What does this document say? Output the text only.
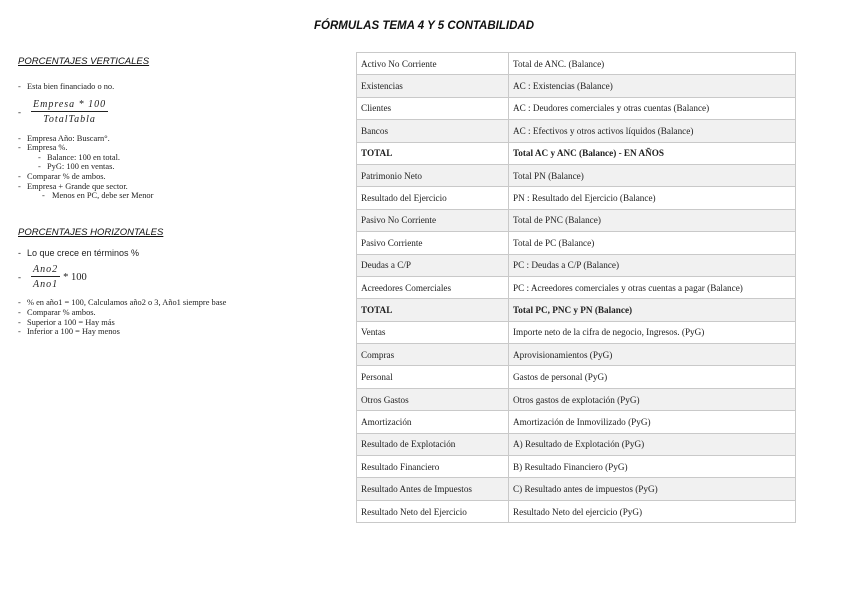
FÓRMULAS TEMA 4 Y 5 CONTABILIDAD
PORCENTAJES VERTICALES
- Esta bien financiado o no.
-	$\frac{\text{Empresa * 100}}{\text{TotalTabla}}$
- Empresa Año: Buscarn°.
- Empresa %.
- Balance: 100 en total.
- PyG: 100 en ventas.
- Comparar % de ambos.
- Empresa + Grande que sector.
- Menos en PC, debe ser Menor
PORCENTAJES HORIZONTALES
- Lo que crece en términos %
-	$\frac{\text{Ano2}}{\text{Ano1}} * 100$
- % en año1 = 100, Calculamos año2 o 3, Año1 siempre base
- Comparar % ambos.
- Superior a 100 = Hay más
- Inferior a 100 = Hay menos
Activo No Corriente	Total de ANC. (Balance)
Existencias	AC : Existencias (Balance)
Clientes	AC : Deudores comerciales y otras cuentas (Balance)
Bancos	AC : Efectivos y otros activos líquidos (Balance)
TOTAL	Total AC y ANC (Balance) - EN AÑOS
Patrimonio Neto	Total PN (Balance)
Resultado del Ejercicio	PN : Resultado del Ejercicio (Balance)
Pasivo No Corriente	Total de PNC (Balance)
Pasivo Corriente	Total de PC (Balance)
Deudas a C/P	PC : Deudas a C/P (Balance)
Acreedores Comerciales	PC : Acreedores comerciales y otras cuentas a pagar (Balance)
TOTAL	Total PC, PNC y PN (Balance)
Ventas	Importe neto de la cifra de negocio, Ingresos. (PyG)
Compras	Aprovisionamientos (PyG)
Personal	Gastos de personal (PyG)
Otros Gastos	Otros gastos de explotación (PyG)
Amortización	Amortización de Inmovilizado (PyG)
Resultado de Explotación	A) Resultado de Explotación (PyG)
Resultado Financiero	B) Resultado Financiero (PyG)
Resultado Antes de Impuestos	C) Resultado antes de impuestos (PyG)
Resultado Neto del Ejercicio	Resultado Neto del ejercicio (PyG)
